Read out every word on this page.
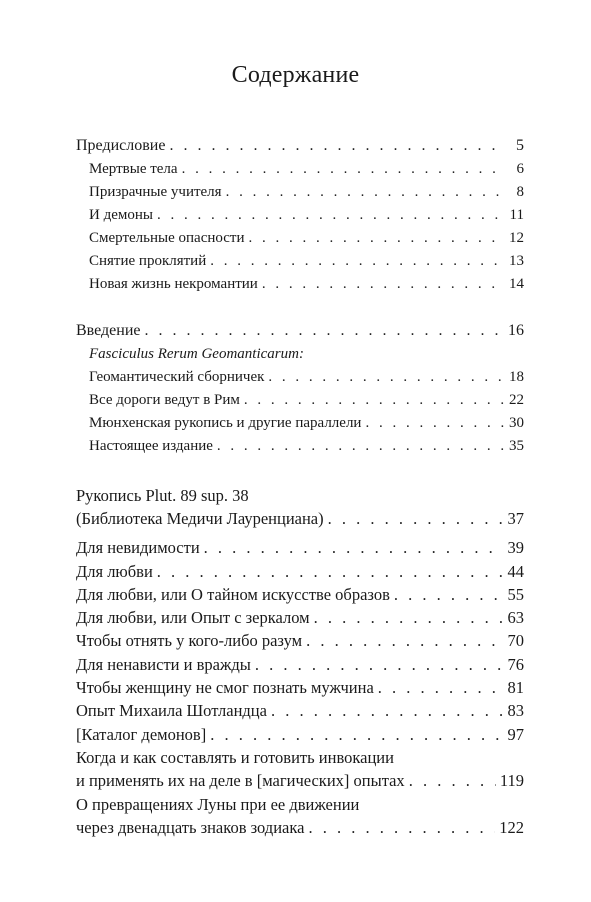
Содержание
Предисловие . . .	5
Мертвые тела . . .	6
Призрачные учителя . . .	8
И демоны . . .	11
Смертельные опасности . . .	12
Снятие проклятий . . .	13
Новая жизнь некромантии . . .	14
Введение . . .	16
Fasciculus Rerum Geomanticarum:
Геомантический сборничек . . .	18
Все дороги ведут в Рим . . .	22
Мюнхенская рукопись и другие параллели . . .	30
Настоящее издание . . .	35
Рукопись Plut. 89 sup. 38
(Библиотека Медичи Лауренциана) . . .	37
Для невидимости . . .	39
Для любви . . .	44
Для любви, или О тайном искусстве образов . . .	55
Для любви, или Опыт с зеркалом . . .	63
Чтобы отнять у кого-либо разум . . .	70
Для ненависти и вражды . . .	76
Чтобы женщину не смог познать мужчина . . .	81
Опыт Михаила Шотландца . . .	83
[Каталог демонов] . . .	97
Когда и как составлять и готовить инвокации
и применять их на деле в [магических] опытах . . .	119
О превращениях Луны при ее движении
через двенадцать знаков зодиака . . .	122
